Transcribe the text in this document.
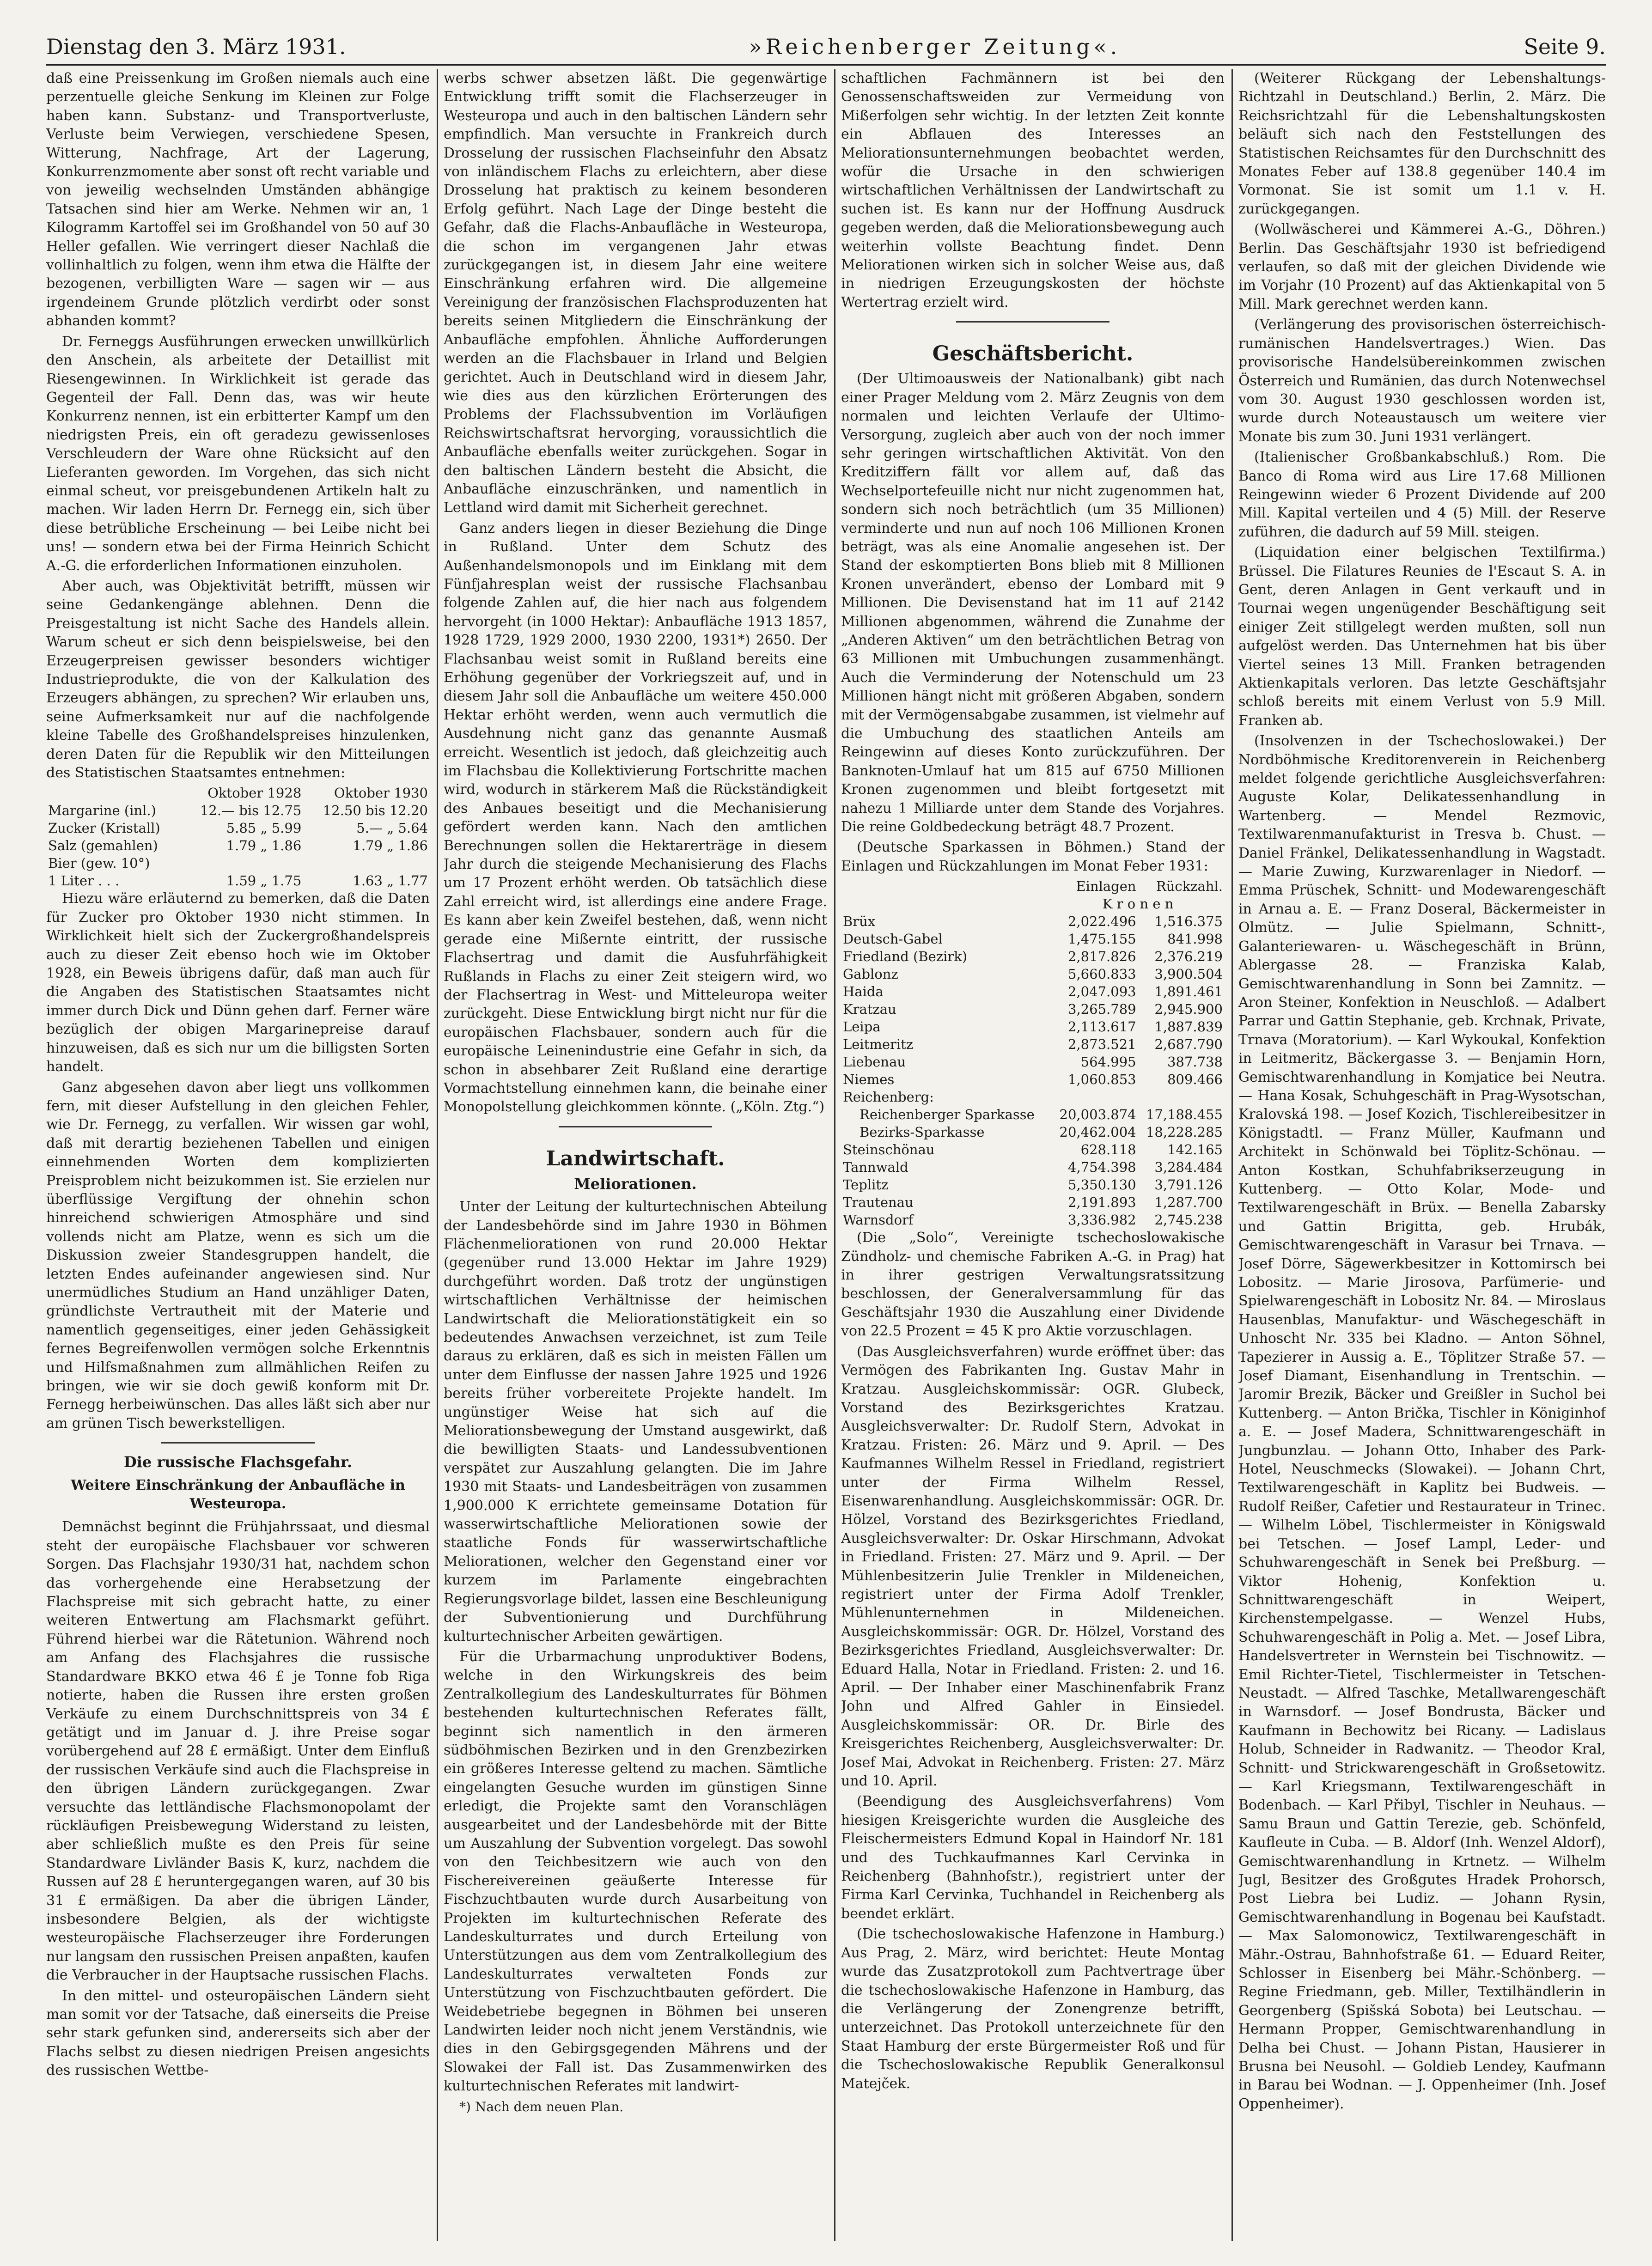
Dienstag den 3. März 1931.	»Reichenberger Zeitung«.	Seite 9.

daß eine Preissenkung im Großen niemals auch eine perzentuelle gleiche Senkung im Kleinen zur Folge haben kann. Substanz- und Transportverluste, Verluste beim Verwiegen, verschiedene Spesen, Witterung, Nachfrage, Art der Lagerung, Konkurrenzmomente aber sonst oft recht variable und von jeweilig wechselnden Umständen abhängige Tatsachen sind hier am Werke. Nehmen wir an, 1 Kilogramm Kartoffel sei im Großhandel von 50 auf 30 Heller gefallen. Wie verringert dieser Nachlaß die vollinhaltlich zu folgen, wenn ihm etwa die Hälfte der bezogenen, verbilligten Ware — sagen wir — aus irgendeinem Grunde plötzlich verdirbt oder sonst abhanden kommt?

Dr. Ferneggs Ausführungen erwecken unwillkürlich den Anschein, als arbeitete der Detaillist mit Riesengewinnen. In Wirklichkeit ist gerade das Gegenteil der Fall. Denn das, was wir heute Konkurrenz nennen, ist ein erbitterter Kampf um den niedrigsten Preis, ein oft geradezu gewissenloses Verschleudern der Ware ohne Rücksicht auf den Lieferanten geworden. Im Vorgehen, das sich nicht einmal scheut, vor preisgebundenen Artikeln halt zu machen. Wir laden Herrn Dr. Fernegg ein, sich über diese betrübliche Erscheinung — bei Leibe nicht bei uns! — sondern etwa bei der Firma Heinrich Schicht A.-G. die erforderlichen Informationen einzuholen.

Aber auch, was Objektivität betrifft, müssen wir seine Gedankengänge ablehnen. Denn die Preisgestaltung ist nicht Sache des Handels allein. Warum scheut er sich denn beispielsweise, bei den Erzeugerpreisen gewisser besonders wichtiger Industrieprodukte, die von der Kalkulation des Erzeugers abhängen, zu sprechen? Wir erlauben uns, seine Aufmerksamkeit nur auf die nachfolgende kleine Tabelle des Großhandelspreises hinzulenken, deren Daten für die Republik wir den Mitteilungen des Statistischen Staatsamtes entnehmen:

	Oktober 1928	Oktober 1930
Margarine (inl.)	12.— bis 12.75	12.50 bis 12.20
Zucker (Kristall)	5.85 „ 5.99	5.— „ 5.64
Salz (gemahlen)	1.79 „ 1.86	1.79 „ 1.86
Bier (gew. 10°)		
1 Liter . . .	1.59 „ 1.75	1.63 „ 1.77

Hiezu wäre erläuternd zu bemerken, daß die Daten für Zucker pro Oktober 1930 nicht stimmen. In Wirklichkeit hielt sich der Zuckergroßhandelspreis auch zu dieser Zeit ebenso hoch wie im Oktober 1928, ein Beweis übrigens dafür, daß man auch für die Angaben des Statistischen Staatsamtes nicht immer durch Dick und Dünn gehen darf. Ferner wäre bezüglich der obigen Margarinepreise darauf hinzuweisen, daß es sich nur um die billigsten Sorten handelt.

Ganz abgesehen davon aber liegt uns vollkommen fern, mit dieser Aufstellung in den gleichen Fehler, wie Dr. Fernegg, zu verfallen. Wir wissen gar wohl, daß mit derartig beziehenen Tabellen und einigen einnehmenden Worten dem komplizierten Preisproblem nicht beizukommen ist. Sie erzielen nur überflüssige Vergiftung der ohnehin schon hinreichend schwierigen Atmosphäre und sind vollends nicht am Platze, wenn es sich um die Diskussion zweier Standesgruppen handelt, die letzten Endes aufeinander angewiesen sind. Nur unermüdliches Studium an Hand unzähliger Daten, gründlichste Vertrautheit mit der Materie und namentlich gegenseitiges, einer jeden Gehässigkeit fernes Begreifenwollen vermögen solche Erkenntnis und Hilfsmaßnahmen zum allmählichen Reifen zu bringen, wie wir sie doch gewiß konform mit Dr. Fernegg herbeiwünschen. Das alles läßt sich aber nur am grünen Tisch bewerkstelligen.

Die russische Flachsgefahr.
Weitere Einschränkung der Anbaufläche in Westeuropa.

Demnächst beginnt die Frühjahrssaat, und diesmal steht der europäische Flachsbauer vor schweren Sorgen. Das Flachsjahr 1930/31 hat, nachdem schon das vorhergehende eine Herabsetzung der Flachspreise mit sich gebracht hatte, zu einer weiteren Entwertung am Flachsmarkt geführt. Führend hierbei war die Rätetunion. Während noch am Anfang des Flachsjahres die russische Standardware BKKO etwa 46 £ je Tonne fob Riga notierte, haben die Russen ihre ersten großen Verkäufe zu einem Durchschnittspreis von 34 £ getätigt und im Januar d. J. ihre Preise sogar vorübergehend auf 28 £ ermäßigt. Unter dem Einfluß der russischen Verkäufe sind auch die Flachspreise in den übrigen Ländern zurückgegangen. Zwar versuchte das lettländische Flachsmonopolamt der rückläufigen Preisbewegung Widerstand zu leisten, aber schließlich mußte es den Preis für seine Standardware Livländer Basis K, kurz, nachdem die Russen auf 28 £ heruntergegangen waren, auf 30 bis 31 £ ermäßigen. Da aber die übrigen Länder, insbesondere Belgien, als der wichtigste westeuropäische Flachserzeuger ihre Forderungen nur langsam den russischen Preisen anpaßten, kaufen die Verbraucher in der Hauptsache russischen Flachs.

In den mittel- und osteuropäischen Ländern sieht man somit vor der Tatsache, daß einerseits die Preise sehr stark gefunken sind, andererseits sich aber der Flachs selbst zu diesen niedrigen Preisen angesichts des russischen Wettbe-

werbs schwer absetzen läßt. Die gegenwärtige Entwicklung trifft somit die Flachserzeuger in Westeuropa und auch in den baltischen Ländern sehr empfindlich. Man versuchte in Frankreich durch Drosselung der russischen Flachseinfuhr den Absatz von inländischem Flachs zu erleichtern, aber diese Drosselung hat praktisch zu keinem besonderen Erfolg geführt. Nach Lage der Dinge besteht die Gefahr, daß die Flachs-Anbaufläche in Westeuropa, die schon im vergangenen Jahr etwas zurückgegangen ist, in diesem Jahr eine weitere Einschränkung erfahren wird. Die allgemeine Vereinigung der französischen Flachsproduzenten hat bereits seinen Mitgliedern die Einschränkung der Anbaufläche empfohlen. Ähnliche Aufforderungen werden an die Flachsbauer in Irland und Belgien gerichtet. Auch in Deutschland wird in diesem Jahr, wie dies aus den kürzlichen Erörterungen des Problems der Flachssubvention im Vorläufigen Reichswirtschaftsrat hervorging, voraussichtlich die Anbaufläche ebenfalls weiter zurückgehen. Sogar in den baltischen Ländern besteht die Absicht, die Anbaufläche einzuschränken, und namentlich in Lettland wird damit mit Sicherheit gerechnet.

Ganz anders liegen in dieser Beziehung die Dinge in Rußland. Unter dem Schutz des Außenhandelsmonopols und im Einklang mit dem Fünfjahresplan weist der russische Flachsanbau folgende Zahlen auf, die hier nach aus folgendem hervorgeht (in 1000 Hektar): Anbaufläche 1913 1857, 1928 1729, 1929 2000, 1930 2200, 1931*) 2650. Der Flachsanbau weist somit in Rußland bereits eine Erhöhung gegenüber der Vorkriegszeit auf, und in diesem Jahr soll die Anbaufläche um weitere 450.000 Hektar erhöht werden, wenn auch vermutlich die Ausdehnung nicht ganz das genannte Ausmaß erreicht. Wesentlich ist jedoch, daß gleichzeitig auch im Flachsbau die Kollektivierung Fortschritte machen wird, wodurch in stärkerem Maß die Rückständigkeit des Anbaues beseitigt und die Mechanisierung gefördert werden kann. Nach den amtlichen Berechnungen sollen die Hektarerträge in diesem Jahr durch die steigende Mechanisierung des Flachs um 17 Prozent erhöht werden. Ob tatsächlich diese Zahl erreicht wird, ist allerdings eine andere Frage. Es kann aber kein Zweifel bestehen, daß, wenn nicht gerade eine Mißernte eintritt, der russische Flachsertrag und damit die Ausfuhrfähigkeit Rußlands in Flachs zu einer Zeit steigern wird, wo der Flachsertrag in West- und Mitteleuropa weiter zurückgeht. Diese Entwicklung birgt nicht nur für die europäischen Flachsbauer, sondern auch für die europäische Leinenindustrie eine Gefahr in sich, da schon in absehbarer Zeit Rußland eine derartige Vormachtstellung einnehmen kann, die beinahe einer Monopolstellung gleichkommen könnte. („Köln. Ztg.“)

Landwirtschaft.
Meliorationen.

Unter der Leitung der kulturtechnischen Abteilung der Landesbehörde sind im Jahre 1930 in Böhmen Flächenmeliorationen von rund 20.000 Hektar (gegenüber rund 13.000 Hektar im Jahre 1929) durchgeführt worden. Daß trotz der ungünstigen wirtschaftlichen Verhältnisse der heimischen Landwirtschaft die Meliorationstätigkeit ein so bedeutendes Anwachsen verzeichnet, ist zum Teile daraus zu erklären, daß es sich in meisten Fällen um unter dem Einflusse der nassen Jahre 1925 und 1926 bereits früher vorbereitete Projekte handelt. Im ungünstiger Weise hat sich auf die Meliorationsbewegung der Umstand ausgewirkt, daß die bewilligten Staats- und Landessubventionen verspätet zur Auszahlung gelangten. Die im Jahre 1930 mit Staats- und Landesbeiträgen von zusammen 1,900.000 K errichtete gemeinsame Dotation für wasserwirtschaftliche Meliorationen sowie der staatliche Fonds für wasserwirtschaftliche Meliorationen, welcher den Gegenstand einer vor kurzem im Parlamente eingebrachten Regierungsvorlage bildet, lassen eine Beschleunigung der Subventionierung und Durchführung kulturtechnischer Arbeiten gewärtigen.

Für die Urbarmachung unproduktiver Bodens, welche in den Wirkungskreis des beim Zentralkollegium des Landeskulturrates für Böhmen bestehenden kulturtechnischen Referates fällt, beginnt sich namentlich in den ärmeren südböhmischen Bezirken und in den Grenzbezirken ein größeres Interesse geltend zu machen. Sämtliche eingelangten Gesuche wurden im günstigen Sinne erledigt, die Projekte samt den Voranschlägen ausgearbeitet und der Landesbehörde mit der Bitte um Auszahlung der Subvention vorgelegt. Das sowohl von den Teichbesitzern wie auch von den Fischereivereinen geäußerte Interesse für Fischzuchtbauten wurde durch Ausarbeitung von Projekten im kulturtechnischen Referate des Landeskulturrates und durch Erteilung von Unterstützungen aus dem vom Zentralkollegium des Landeskulturrates verwalteten Fonds zur Unterstützung von Fischzuchtbauten gefördert. Die Weidebetriebe begegnen in Böhmen bei unseren Landwirten leider noch nicht jenem Verständnis, wie dies in den Gebirgsgegenden Mährens und der Slowakei der Fall ist. Das Zusammenwirken des kulturtechnischen Referates mit landwirt-

*) Nach dem neuen Plan.

schaftlichen Fachmännern ist bei den Genossenschaftsweiden zur Vermeidung von Mißerfolgen sehr wichtig. In der letzten Zeit konnte ein Abflauen des Interesses an Meliorationsunternehmungen beobachtet werden, wofür die Ursache in den schwierigen wirtschaftlichen Verhältnissen der Landwirtschaft zu suchen ist. Es kann nur der Hoffnung Ausdruck gegeben werden, daß die Meliorationsbewegung auch weiterhin vollste Beachtung findet. Denn Meliorationen wirken sich in solcher Weise aus, daß in niedrigen Erzeugungskosten der höchste Wertertrag erzielt wird.

Geschäftsbericht.

(Der Ultimoausweis der Nationalbank) gibt nach einer Prager Meldung vom 2. März Zeugnis von dem normalen und leichten Verlaufe der Ultimo-Versorgung, zugleich aber auch von der noch immer sehr geringen wirtschaftlichen Aktivität. Von den Kreditziffern fällt vor allem auf, daß das Wechselportefeuille nicht nur nicht zugenommen hat, sondern sich noch beträchtlich (um 35 Millionen) verminderte und nun auf noch 106 Millionen Kronen beträgt, was als eine Anomalie angesehen ist. Der Stand der eskomptierten Bons blieb mit 8 Millionen Kronen unverändert, ebenso der Lombard mit 9 Millionen. Die Devisenstand hat im 11 auf 2142 Millionen abgenommen, während die Zunahme der „Anderen Aktiven“ um den beträchtlichen Betrag von 63 Millionen mit Umbuchungen zusammenhängt. Auch die Verminderung der Notenschuld um 23 Millionen hängt nicht mit größeren Abgaben, sondern mit der Vermögensabgabe zusammen, ist vielmehr auf die Umbuchung des staatlichen Anteils am Reingewinn auf dieses Konto zurückzuführen. Der Banknoten-Umlauf hat um 815 auf 6750 Millionen Kronen zugenommen und bleibt fortgesetzt mit nahezu 1 Milliarde unter dem Stande des Vorjahres. Die reine Goldbedeckung beträgt 48.7 Prozent.

(Deutsche Sparkassen in Böhmen.) Stand der Einlagen und Rückzahlungen im Monat Feber 1931:

	Einlagen	Rückzahl.
	K r o n e n	
Brüx	2,022.496	1,516.375
Deutsch-Gabel	1,475.155	841.998
Friedland (Bezirk)	2,817.826	2,376.219
Gablonz	5,660.833	3,900.504
Haida	2,047.093	1,891.461
Kratzau	3,265.789	2,945.900
Leipa	2,113.617	1,887.839
Leitmeritz	2,873.521	2,687.790
Liebenau	564.995	387.738
Niemes	1,060.853	809.466
Reichenberg:		
Reichenberger Sparkasse	20,003.874	17,188.455
Bezirks-Sparkasse	20,462.004	18,228.285
Steinschönau	628.118	142.165
Tannwald	4,754.398	3,284.484
Teplitz	5,350.130	3,791.126
Trautenau	2,191.893	1,287.700
Warnsdorf	3,336.982	2,745.238

(Die „Solo“, Vereinigte tschechoslowakische Zündholz- und chemische Fabriken A.-G. in Prag) hat in ihrer gestrigen Verwaltungsratssitzung beschlossen, der Generalversammlung für das Geschäftsjahr 1930 die Auszahlung einer Dividende von 22.5 Prozent = 45 K pro Aktie vorzuschlagen.

(Das Ausgleichsverfahren) wurde eröffnet über: das Vermögen des Fabrikanten Ing. Gustav Mahr in Kratzau. Ausgleichskommissär: OGR. Glubeck, Vorstand des Bezirksgerichtes Kratzau. Ausgleichsverwalter: Dr. Rudolf Stern, Advokat in Kratzau. Fristen: 26. März und 9. April. — Des Kaufmannes Wilhelm Ressel in Friedland, registriert unter der Firma Wilhelm Ressel, Eisenwarenhandlung. Ausgleichskommissär: OGR. Dr. Hölzel, Vorstand des Bezirksgerichtes Friedland, Ausgleichsverwalter: Dr. Oskar Hirschmann, Advokat in Friedland. Fristen: 27. März und 9. April. — Der Mühlenbesitzerin Julie Trenkler in Mildeneichen, registriert unter der Firma Adolf Trenkler, Mühlenunternehmen in Mildeneichen. Ausgleichskommissär: OGR. Dr. Hölzel, Vorstand des Bezirksgerichtes Friedland, Ausgleichsverwalter: Dr. Eduard Halla, Notar in Friedland. Fristen: 2. und 16. April. — Der Inhaber einer Maschinenfabrik Franz John und Alfred Gahler in Einsiedel. Ausgleichskommissär: OR. Dr. Birle des Kreisgerichtes Reichenberg, Ausgleichsverwalter: Dr. Josef Mai, Advokat in Reichenberg. Fristen: 27. März und 10. April.

(Beendigung des Ausgleichsverfahrens) Vom hiesigen Kreisgerichte wurden die Ausgleiche des Fleischermeisters Edmund Kopal in Haindorf Nr. 181 und des Tuchkaufmannes Karl Cervinka in Reichenberg (Bahnhofstr.), registriert unter der Firma Karl Cervinka, Tuchhandel in Reichenberg als beendet erklärt.

(Die tschechoslowakische Hafenzone in Hamburg.) Aus Prag, 2. März, wird berichtet: Heute Montag wurde das Zusatzprotokoll zum Pachtvertrage über die tschechoslowakische Hafenzone in Hamburg, das die Verlängerung der Zonengrenze betrifft, unterzeichnet. Das Protokoll unterzeichnete für den Staat Hamburg der erste Bürgermeister Roß und für die Tschechoslowakische Republik Generalkonsul Matejček.

(Weiterer Rückgang der Lebenshaltungs-Richtzahl in Deutschland.) Berlin, 2. März. Die Reichsrichtzahl für die Lebenshaltungskosten beläuft sich nach den Feststellungen des Statistischen Reichsamtes für den Durchschnitt des Monates Feber auf 138.8 gegenüber 140.4 im Vormonat. Sie ist somit um 1.1 v. H. zurückgegangen.

(Wollwäscherei und Kämmerei A.-G., Döhren.) Berlin. Das Geschäftsjahr 1930 ist befriedigend verlaufen, so daß mit der gleichen Dividende wie im Vorjahr (10 Prozent) auf das Aktienkapital von 5 Mill. Mark gerechnet werden kann.

(Verlängerung des provisorischen österreichisch-rumänischen Handelsvertrages.) Wien. Das provisorische Handelsübereinkommen zwischen Österreich und Rumänien, das durch Notenwechsel vom 30. August 1930 geschlossen worden ist, wurde durch Noteaustausch um weitere vier Monate bis zum 30. Juni 1931 verlängert.

(Italienischer Großbankabschluß.) Rom. Die Banco di Roma wird aus Lire 17.68 Millionen Reingewinn wieder 6 Prozent Dividende auf 200 Mill. Kapital verteilen und 4 (5) Mill. der Reserve zuführen, die dadurch auf 59 Mill. steigen.

(Liquidation einer belgischen Textilfirma.) Brüssel. Die Filatures Reunies de l'Escaut S. A. in Gent, deren Anlagen in Gent verkauft und in Tournai wegen ungenügender Beschäftigung seit einiger Zeit stillgelegt werden mußten, soll nun aufgelöst werden. Das Unternehmen hat bis über Viertel seines 13 Mill. Franken betragenden Aktienkapitals verloren. Das letzte Geschäftsjahr schloß bereits mit einem Verlust von 5.9 Mill. Franken ab.

(Insolvenzen in der Tschechoslowakei.) Der Nordböhmische Kreditorenverein in Reichenberg meldet folgende gerichtliche Ausgleichsverfahren: Auguste Kolar, Delikatessenhandlung in Wartenberg. — Mendel Rezmovic, Textilwarenmanufakturist in Tresva b. Chust. — Daniel Fränkel, Delikatessenhandlung in Wagstadt. — Marie Zuwing, Kurzwarenlager in Niedorf. — Emma Prüschek, Schnitt- und Modewarengeschäft in Arnau a. E. — Franz Doseral, Bäckermeister in Olmütz. — Julie Spielmann, Schnitt-, Galanteriewaren- u. Wäschegeschäft in Brünn, Ablergasse 28. — Franziska Kalab, Gemischtwarenhandlung in Sonn bei Zamnitz. — Aron Steiner, Konfektion in Neuschloß. — Adalbert Parrar und Gattin Stephanie, geb. Krchnak, Private, Trnava (Moratorium). — Karl Wykoukal, Konfektion in Leitmeritz, Bäckergasse 3. — Benjamin Horn, Gemischtwarenhandlung in Komjatice bei Neutra. — Hana Kosak, Schuhgeschäft in Prag-Wysotschan, Kralovská 198. — Josef Kozich, Tischlereibesitzer in Königstadtl. — Franz Müller, Kaufmann und Architekt in Schönwald bei Töplitz-Schönau. — Anton Kostkan, Schuhfabrikserzeugung in Kuttenberg. — Otto Kolar, Mode- und Textilwarengeschäft in Brüx. — Benella Zabarsky und Gattin Brigitta, geb. Hrubák, Gemischtwarengeschäft in Varasur bei Trnava. — Josef Dörre, Sägewerkbesitzer in Kottomirsch bei Lobositz. — Marie Jirosova, Parfümerie- und Spielwarengeschäft in Lobositz Nr. 84. — Miroslaus Hausenblas, Manufaktur- und Wäschegeschäft in Unhoscht Nr. 335 bei Kladno. — Anton Söhnel, Tapezierer in Aussig a. E., Töplitzer Straße 57. — Josef Diamant, Eisenhandlung in Trentschin. — Jaromir Brezik, Bäcker und Greißler in Suchol bei Kuttenberg. — Anton Brička, Tischler in Königinhof a. E. — Josef Madera, Schnittwarengeschäft in Jungbunzlau. — Johann Otto, Inhaber des Park-Hotel, Neuschmecks (Slowakei). — Johann Chrt, Textilwarengeschäft in Kaplitz bei Budweis. — Rudolf Reißer, Cafetier und Restaurateur in Trinec. — Wilhelm Löbel, Tischlermeister in Königswald bei Tetschen. — Josef Lampl, Leder- und Schuhwarengeschäft in Senek bei Preßburg. — Viktor Hohenig, Konfektion u. Schnittwarengeschäft in Weipert, Kirchenstempelgasse. — Wenzel Hubs, Schuhwarengeschäft in Polig a. Met. — Josef Libra, Handelsvertreter in Wernstein bei Tischnowitz. — Emil Richter-Tietel, Tischlermeister in Tetschen-Neustadt. — Alfred Taschke, Metallwarengeschäft in Warnsdorf. — Josef Bondrusta, Bäcker und Kaufmann in Bechowitz bei Ricany. — Ladislaus Holub, Schneider in Radwanitz. — Theodor Kral, Schnitt- und Strickwarengeschäft in Großsetowitz. — Karl Kriegsmann, Textilwarengeschäft in Bodenbach. — Karl Přibyl, Tischler in Neuhaus. — Samu Braun und Gattin Terezie, geb. Schönfeld, Kaufleute in Cuba. — B. Aldorf (Inh. Wenzel Aldorf), Gemischtwarenhandlung in Krtnetz. — Wilhelm Jugl, Besitzer des Großgutes Hradek Prohorsch, Post Liebra bei Ludiz. — Johann Rysin, Gemischtwarenhandlung in Bogenau bei Kaufstadt. — Max Salomonowicz, Textilwarengeschäft in Mähr.-Ostrau, Bahnhofstraße 61. — Eduard Reiter, Schlosser in Eisenberg bei Mähr.-Schönberg. — Regine Friedmann, geb. Miller, Textilhändlerin in Georgenberg (Spišská Sobota) bei Leutschau. — Hermann Propper, Gemischtwarenhandlung in Delha bei Chust. — Johann Pistan, Hausierer in Brusna bei Neusohl. — Goldieb Lendey, Kaufmann in Barau bei Wodnan. — J. Oppenheimer (Inh. Josef Oppenheimer).
